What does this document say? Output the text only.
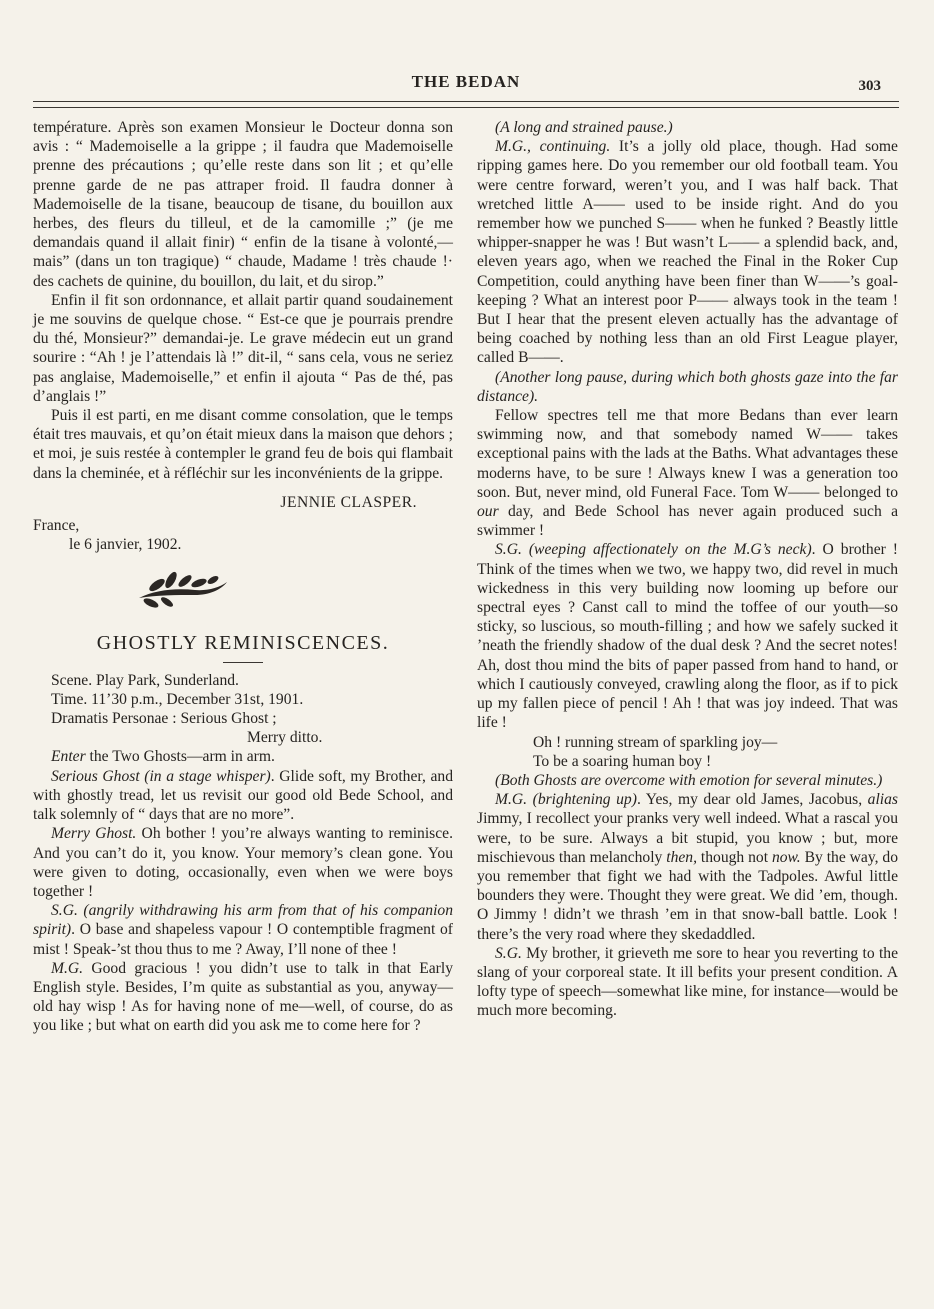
THE BEDAN	303

température. Après son examen Monsieur le Docteur donna son avis : “ Mademoiselle a la grippe ; il faudra que Mademoiselle prenne des précautions ; qu’elle reste dans son lit ; et qu’elle prenne garde de ne pas attraper froid. Il faudra donner à Mademoiselle de la tisane, beaucoup de tisane, du bouillon aux herbes, des fleurs du tilleul, et de la camomille ;” (je me demandais quand il allait finir) “ enfin de la tisane à volonté,—mais” (dans un ton tragique) “ chaude, Madame ! très chaude !· des cachets de quinine, du bouillon, du lait, et du sirop.”

Enfin il fit son ordonnance, et allait partir quand soudainement je me souvins de quelque chose. “ Est-ce que je pourrais prendre du thé, Monsieur?” demandai-je. Le grave médecin eut un grand sourire : “Ah ! je l’attendais là !” dit-il, “ sans cela, vous ne seriez pas anglaise, Mademoiselle,” et enfin il ajouta “ Pas de thé, pas d’anglais !”

Puis il est parti, en me disant comme consolation, que le temps était tres mauvais, et qu’on était mieux dans la maison que dehors ; et moi, je suis restée à contempler le grand feu de bois qui flambait dans la cheminée, et à réfléchir sur les inconvénients de la grippe.

JENNIE CLASPER.

France,

le 6 janvier, 1902.

GHOSTLY REMINISCENCES.

Scene. Play Park, Sunderland.

Time. 11’30 p.m., December 31st, 1901.

Dramatis Personae : Serious Ghost ;

Merry ditto.

Enter the Two Ghosts—arm in arm.

Serious Ghost (in a stage whisper). Glide soft, my Brother, and with ghostly tread, let us revisit our good old Bede School, and talk solemnly of “ days that are no more”.

Merry Ghost. Oh bother ! you’re always wanting to reminisce. And you can’t do it, you know. Your memory’s clean gone. You were given to doting, occasionally, even when we were boys together !

S.G. (angrily withdrawing his arm from that of his companion spirit). O base and shapeless vapour ! O contemptible fragment of mist ! Speak-’st thou thus to me ? Away, I’ll none of thee !

M.G. Good gracious ! you didn’t use to talk in that Early English style. Besides, I’m quite as substantial as you, anyway—old hay wisp ! As for having none of me—well, of course, do as you like ; but what on earth did you ask me to come here for ?

(A long and strained pause.)

M.G., continuing. It’s a jolly old place, though. Had some ripping games here. Do you remember our old football team. You were centre forward, weren’t you, and I was half back. That wretched little A—— used to be inside right. And do you remember how we punched S—— when he funked ? Beastly little whipper-snapper he was ! But wasn’t L—— a splendid back, and, eleven years ago, when we reached the Final in the Roker Cup Competition, could anything have been finer than W——’s goal-keeping ? What an interest poor P—— always took in the team ! But I hear that the present eleven actually has the advantage of being coached by nothing less than an old First League player, called B——.

(Another long pause, during which both ghosts gaze into the far distance).

Fellow spectres tell me that more Bedans than ever learn swimming now, and that somebody named W—— takes exceptional pains with the lads at the Baths. What advantages these moderns have, to be sure ! Always knew I was a generation too soon. But, never mind, old Funeral Face. Tom W—— belonged to our day, and Bede School has never again produced such a swimmer !

S.G. (weeping affectionately on the M.G’s neck). O brother ! Think of the times when we two, we happy two, did revel in much wickedness in this very building now looming up before our spectral eyes ? Canst call to mind the toffee of our youth—so sticky, so luscious, so mouth-filling ; and how we safely sucked it ’neath the friendly shadow of the dual desk ? And the secret notes! Ah, dost thou mind the bits of paper passed from hand to hand, or which I cautiously conveyed, crawling along the floor, as if to pick up my fallen piece of pencil ! Ah ! that was joy indeed. That was life !

Oh ! running stream of sparkling joy—

To be a soaring human boy !

(Both Ghosts are overcome with emotion for several minutes.)

M.G. (brightening up). Yes, my dear old James, Jacobus, alias Jimmy, I recollect your pranks very well indeed. What a rascal you were, to be sure. Always a bit stupid, you know ; but, more mischievous than melancholy then, though not now. By the way, do you remember that fight we had with the Tadpoles. Awful little bounders they were. Thought they were great. We did ’em, though. O Jimmy ! didn’t we thrash ’em in that snow-ball battle. Look ! there’s the very road where they skedaddled.

S.G. My brother, it grieveth me sore to hear you reverting to the slang of your corporeal state. It ill befits your present condition. A lofty type of speech—somewhat like mine, for instance—would be much more becoming.
